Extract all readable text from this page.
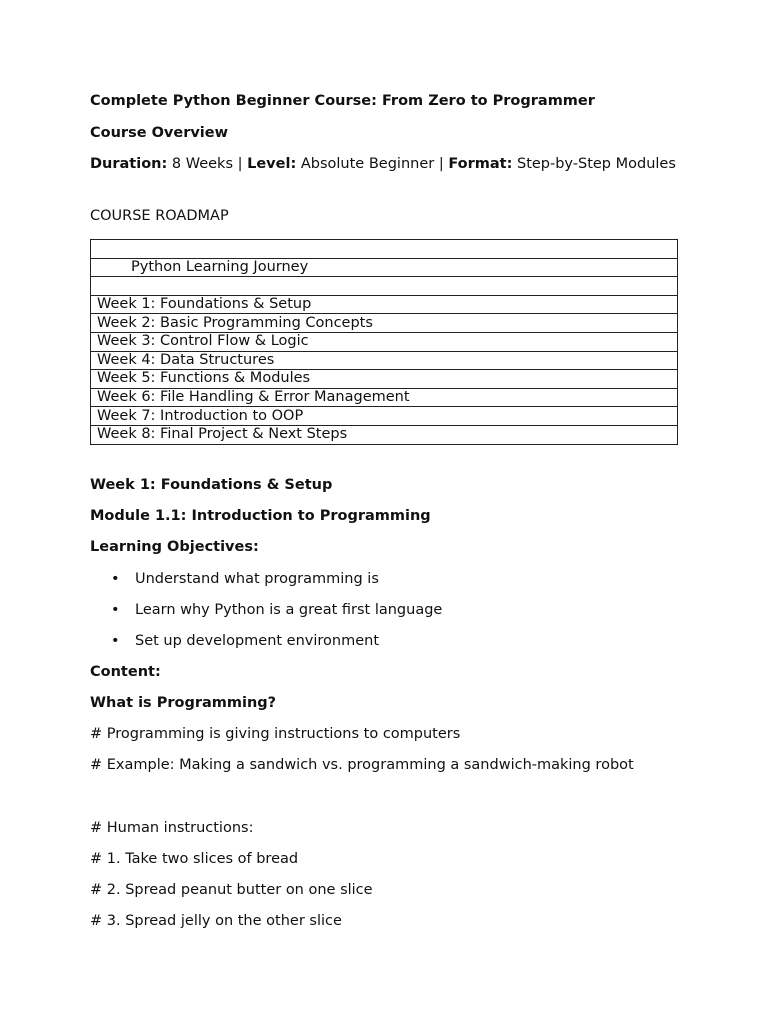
Complete Python Beginner Course: From Zero to Programmer
Course Overview
Duration: 8 Weeks | Level: Absolute Beginner | Format: Step-by-Step Modules
COURSE ROADMAP

Python Learning Journey

Week 1: Foundations & Setup
Week 2: Basic Programming Concepts
Week 3: Control Flow & Logic
Week 4: Data Structures
Week 5: Functions & Modules
Week 6: File Handling & Error Management
Week 7: Introduction to OOP
Week 8: Final Project & Next Steps
Week 1: Foundations & Setup
Module 1.1: Introduction to Programming
Learning Objectives:
• Understand what programming is
• Learn why Python is a great first language
• Set up development environment
Content:
What is Programming?
# Programming is giving instructions to computers
# Example: Making a sandwich vs. programming a sandwich-making robot
# Human instructions:
# 1. Take two slices of bread
# 2. Spread peanut butter on one slice
# 3. Spread jelly on the other slice
